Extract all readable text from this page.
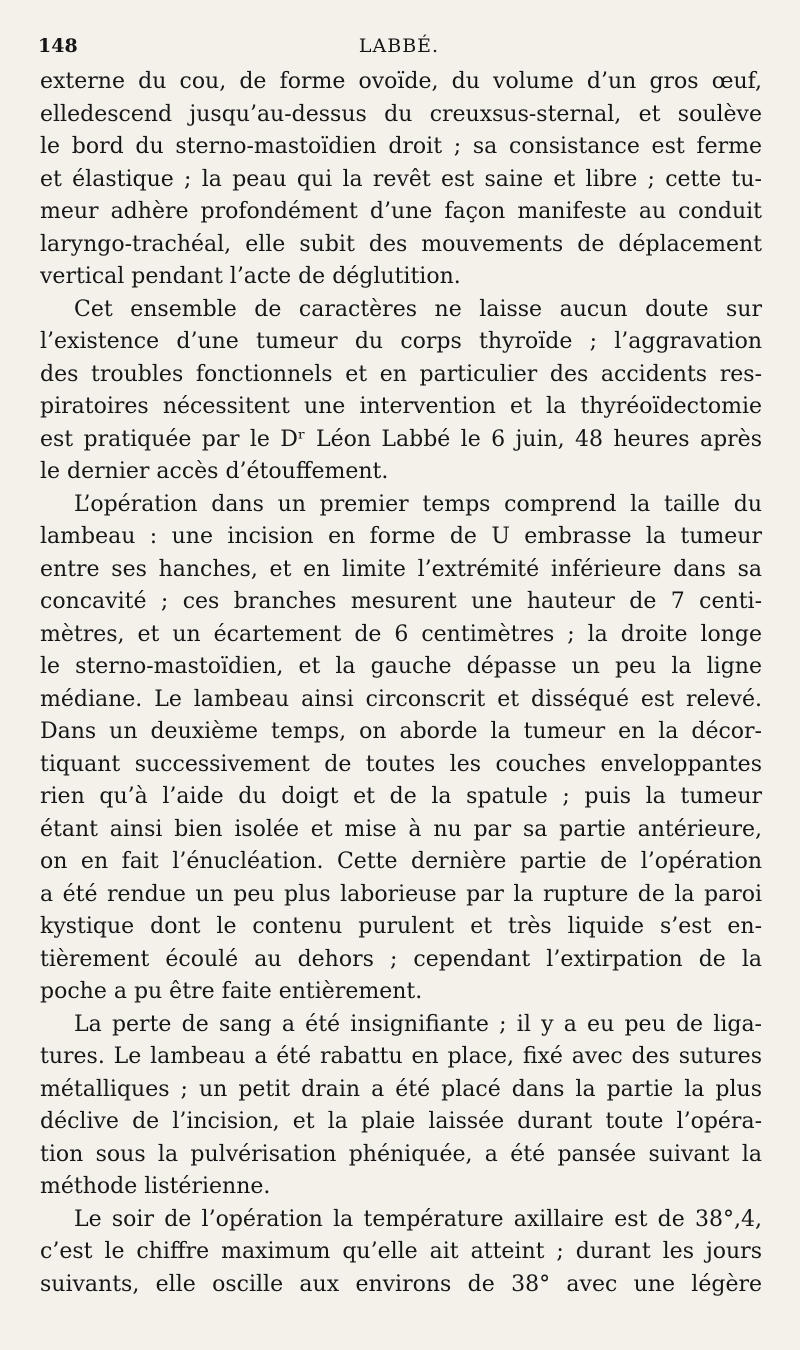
148	LABBÉ.

externe du cou, de forme ovoïde, du volume d’un gros œuf,
elledescend jusqu’au-dessus du creuxsus-sternal, et soulève
le bord du sterno-mastoïdien droit ; sa consistance est ferme
et élastique ; la peau qui la revêt est saine et libre ; cette tu-
meur adhère profondément d’une façon manifeste au conduit
laryngo-trachéal, elle subit des mouvements de déplacement
vertical pendant l’acte de déglutition.

Cet ensemble de caractères ne laisse aucun doute sur
l’existence d’une tumeur du corps thyroïde ; l’aggravation
des troubles fonctionnels et en particulier des accidents res-
piratoires nécessitent une intervention et la thyréoïdectomie
est pratiquée par le Dʳ Léon Labbé le 6 juin, 48 heures après
le dernier accès d’étouffement.

L’opération dans un premier temps comprend la taille du
lambeau : une incision en forme de U embrasse la tumeur
entre ses hanches, et en limite l’extrémité inférieure dans sa
concavité ; ces branches mesurent une hauteur de 7 centi-
mètres, et un écartement de 6 centimètres ; la droite longe
le sterno-mastoïdien, et la gauche dépasse un peu la ligne
médiane. Le lambeau ainsi circonscrit et disséqué est relevé.
Dans un deuxième temps, on aborde la tumeur en la décor-
tiquant successivement de toutes les couches enveloppantes
rien qu’à l’aide du doigt et de la spatule ; puis la tumeur
étant ainsi bien isolée et mise à nu par sa partie antérieure,
on en fait l’énucléation. Cette dernière partie de l’opération
a été rendue un peu plus laborieuse par la rupture de la paroi
kystique dont le contenu purulent et très liquide s’est en-
tièrement écoulé au dehors ; cependant l’extirpation de la
poche a pu être faite entièrement.

La perte de sang a été insignifiante ; il y a eu peu de liga-
tures. Le lambeau a été rabattu en place, fixé avec des sutures
métalliques ; un petit drain a été placé dans la partie la plus
déclive de l’incision, et la plaie laissée durant toute l’opéra-
tion sous la pulvérisation phéniquée, a été pansée suivant la
méthode listérienne.

Le soir de l’opération la température axillaire est de 38°,4,
c’est le chiffre maximum qu’elle ait atteint ; durant les jours
suivants, elle oscille aux environs de 38° avec une légère
